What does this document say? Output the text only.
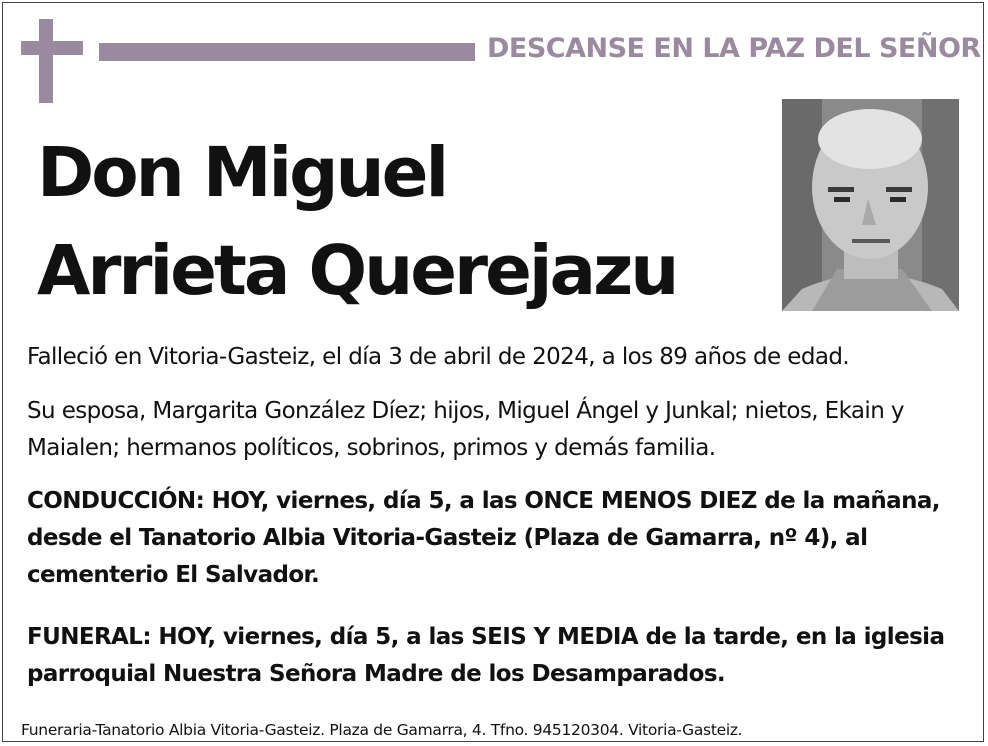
DESCANSE EN LA PAZ DEL SEÑOR
Don Miguel
Arrieta Querejazu

Falleció en Vitoria-Gasteiz, el día 3 de abril de 2024, a los 89 años de edad.

Su esposa, Margarita González Díez; hijos, Miguel Ángel y Junkal; nietos, Ekain y Maialen; hermanos políticos, sobrinos, primos y demás familia.

CONDUCCIÓN: HOY, viernes, día 5, a las ONCE MENOS DIEZ de la mañana, desde el Tanatorio Albia Vitoria-Gasteiz (Plaza de Gamarra, nº 4), al cementerio El Salvador.

FUNERAL: HOY, viernes, día 5, a las SEIS Y MEDIA de la tarde, en la iglesia parroquial Nuestra Señora Madre de los Desamparados.

Funeraria-Tanatorio Albia Vitoria-Gasteiz. Plaza de Gamarra, 4. Tfno. 945120304. Vitoria-Gasteiz.
